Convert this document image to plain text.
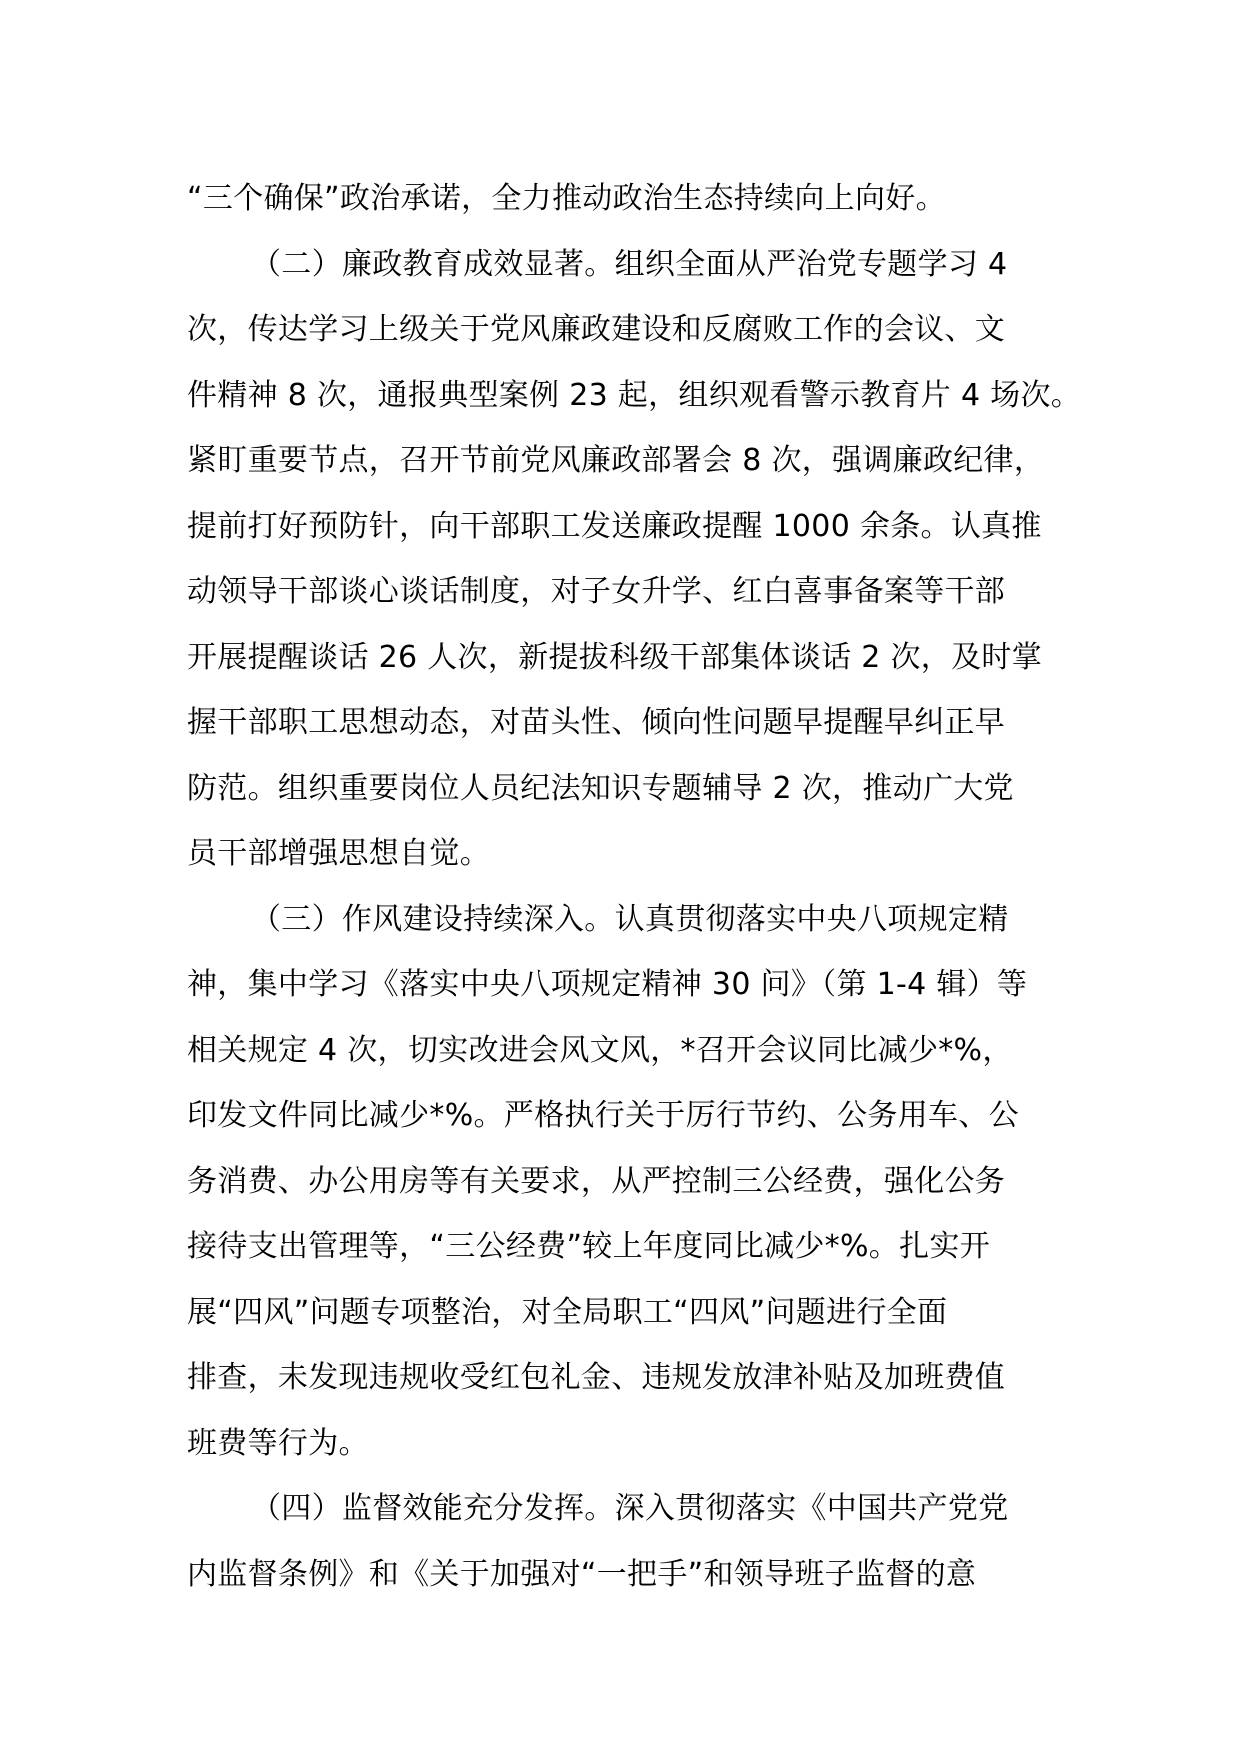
“三个确保”政治承诺，全力推动政治生态持续向上向好。
（二）廉政教育成效显著。组织全面从严治党专题学习 4
次，传达学习上级关于党风廉政建设和反腐败工作的会议、文
件精神 8 次，通报典型案例 23 起，组织观看警示教育片 4 场次。
紧盯重要节点，召开节前党风廉政部署会 8 次，强调廉政纪律，
提前打好预防针，向干部职工发送廉政提醒 1000 余条。认真推
动领导干部谈心谈话制度，对子女升学、红白喜事备案等干部
开展提醒谈话 26 人次，新提拔科级干部集体谈话 2 次，及时掌
握干部职工思想动态，对苗头性、倾向性问题早提醒早纠正早
防范。组织重要岗位人员纪法知识专题辅导 2 次，推动广大党
员干部增强思想自觉。
（三）作风建设持续深入。认真贯彻落实中央八项规定精
神，集中学习《落实中央八项规定精神 30 问》（第 1-4 辑）等
相关规定 4 次，切实改进会风文风，*召开会议同比减少*%，
印发文件同比减少*%。严格执行关于厉行节约、公务用车、公
务消费、办公用房等有关要求，从严控制三公经费，强化公务
接待支出管理等，“三公经费”较上年度同比减少*%。扎实开
展“四风”问题专项整治，对全局职工“四风”问题进行全面
排查，未发现违规收受红包礼金、违规发放津补贴及加班费值
班费等行为。
（四）监督效能充分发挥。深入贯彻落实《中国共产党党
内监督条例》和《关于加强对“一把手”和领导班子监督的意
